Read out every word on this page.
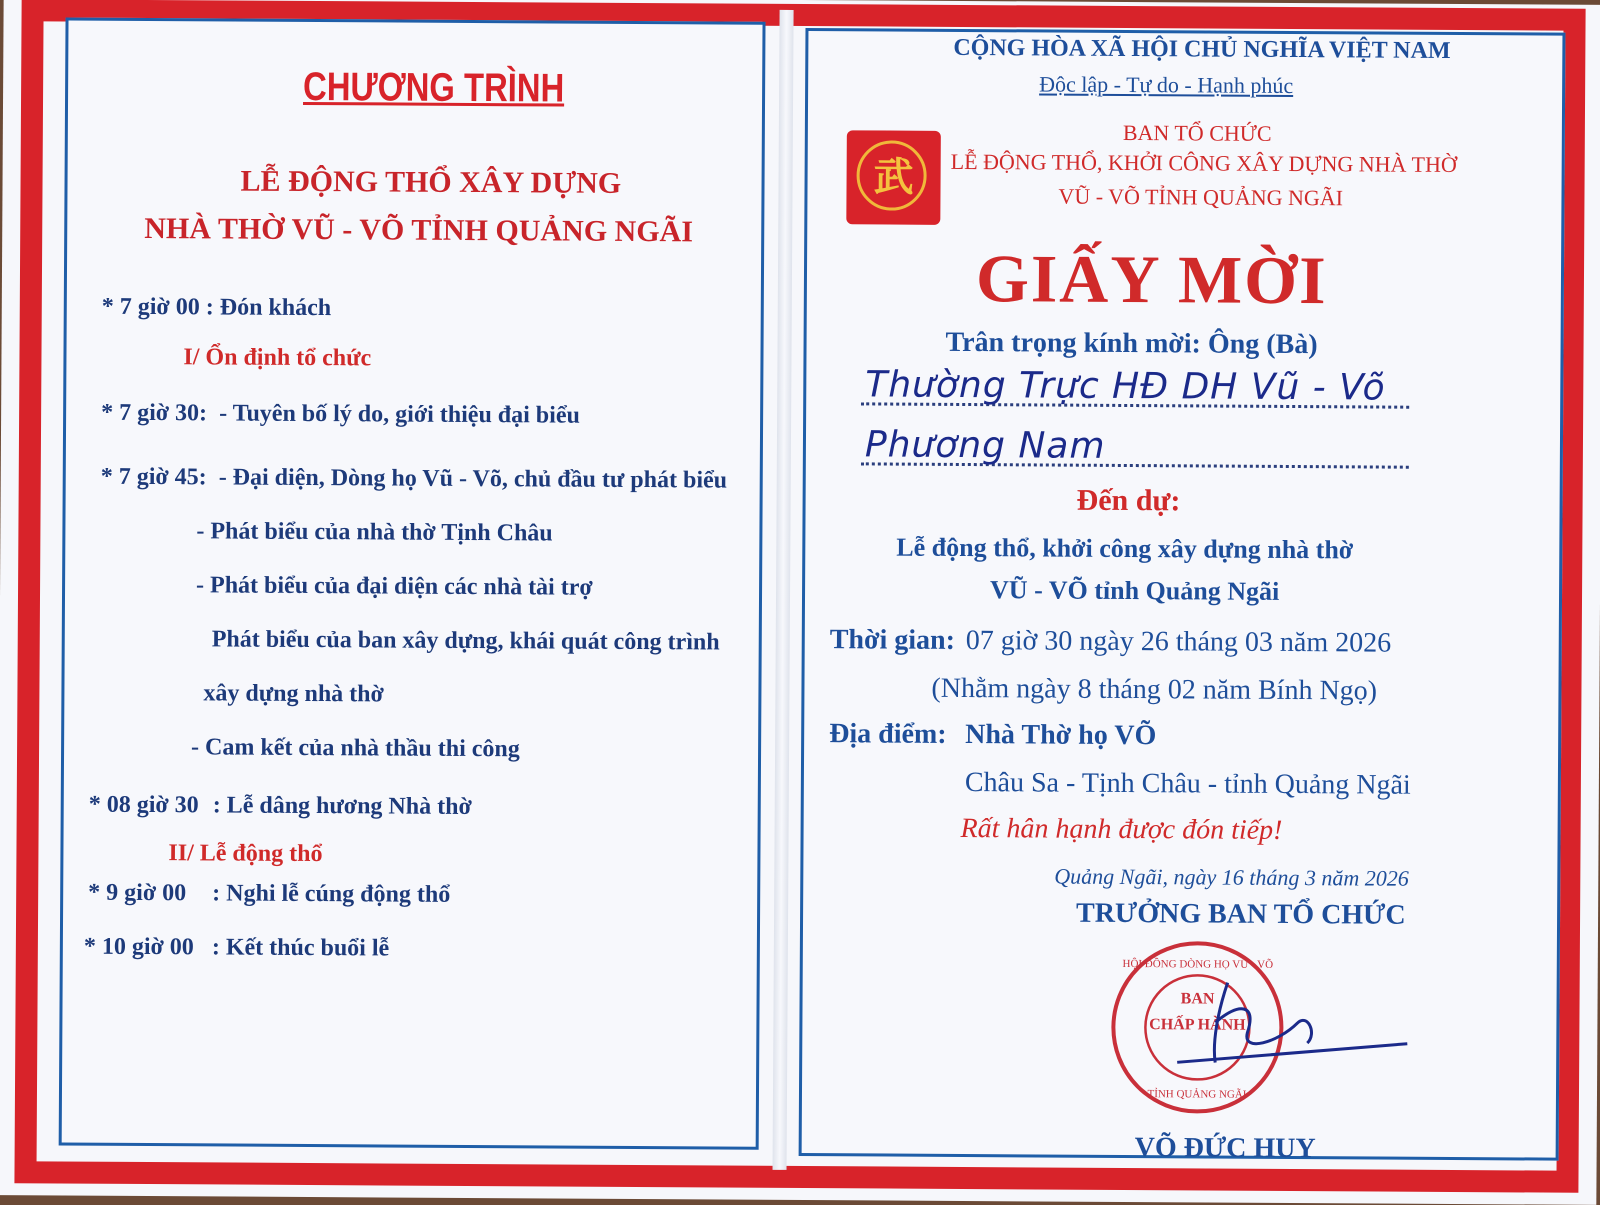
CHƯƠNG TRÌNH
LỄ ĐỘNG THỔ XÂY DỰNG
NHÀ THỜ VŨ - VÕ TỈNH QUẢNG NGÃI
* 7 giờ 00 : Đón khách
I/ Ổn định tổ chức
* 7 giờ 30: - Tuyên bố lý do, giới thiệu đại biểu
* 7 giờ 45: - Đại diện, Dòng họ Vũ - Võ, chủ đầu tư phát biểu
- Phát biểu của nhà thờ Tịnh Châu
- Phát biểu của đại diện các nhà tài trợ
Phát biểu của ban xây dựng, khái quát công trình
xây dựng nhà thờ
- Cam kết của nhà thầu thi công
* 08 giờ 30 : Lễ dâng hương Nhà thờ
II/ Lễ động thổ
* 9 giờ 00 : Nghi lễ cúng động thổ
* 10 giờ 00 : Kết thúc buổi lễ
CỘNG HÒA XÃ HỘI CHỦ NGHĨA VIỆT NAM
Độc lập - Tự do - Hạnh phúc
BAN TỔ CHỨC
LỄ ĐỘNG THỔ, KHỞI CÔNG XÂY DỰNG NHÀ THỜ
VŨ - VÕ TỈNH QUẢNG NGÃI
武
GIẤY MỜI
Trân trọng kính mời: Ông (Bà)
Thường Trực HĐ DH Vũ - Võ
Phương Nam
Đến dự:
Lễ động thổ, khởi công xây dựng nhà thờ
VŨ - VÕ tỉnh Quảng Ngãi
Thời gian: 07 giờ 30 ngày 26 tháng 03 năm 2026
(Nhằm ngày 8 tháng 02 năm Bính Ngọ)
Địa điểm: Nhà Thờ họ VÕ
Châu Sa - Tịnh Châu - tỉnh Quảng Ngãi
Rất hân hạnh được đón tiếp!
Quảng Ngãi, ngày 16 tháng 3 năm 2026
TRƯỞNG BAN TỔ CHỨC
BAN
CHẤP HÀNH
HỘI ĐỒNG DÒNG HỌ VŨ - VÕ
TỈNH QUẢNG NGÃI
VÕ ĐỨC HUY
